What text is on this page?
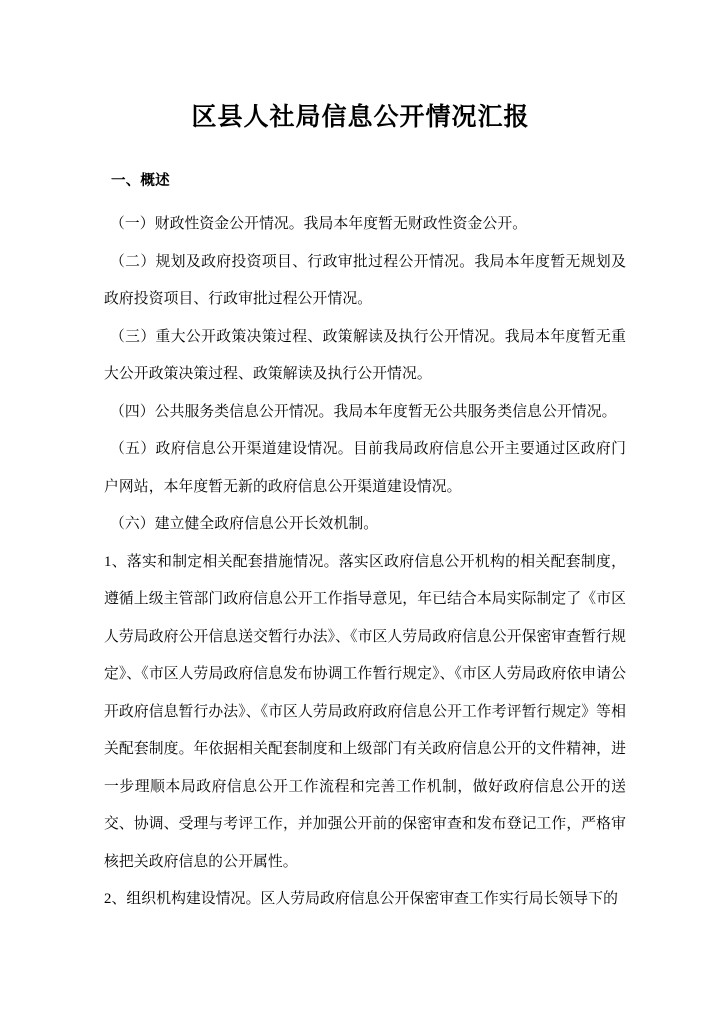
区县人社局信息公开情况汇报
一、概述

（一）财政性资金公开情况。我局本年度暂无财政性资金公开。

（二）规划及政府投资项目、行政审批过程公开情况。我局本年度暂无规划及政府投资项目、行政审批过程公开情况。

（三）重大公开政策决策过程、政策解读及执行公开情况。我局本年度暂无重大公开政策决策过程、政策解读及执行公开情况。

（四）公共服务类信息公开情况。我局本年度暂无公共服务类信息公开情况。

（五）政府信息公开渠道建设情况。目前我局政府信息公开主要通过区政府门户网站，本年度暂无新的政府信息公开渠道建设情况。

（六）建立健全政府信息公开长效机制。

1、落实和制定相关配套措施情况。落实区政府信息公开机构的相关配套制度，遵循上级主管部门政府信息公开工作指导意见，年已结合本局实际制定了《市区人劳局政府公开信息送交暂行办法》、《市区人劳局政府信息公开保密审查暂行规定》、《市区人劳局政府信息发布协调工作暂行规定》、《市区人劳局政府依申请公开政府信息暂行办法》、《市区人劳局政府政府信息公开工作考评暂行规定》等相关配套制度。年依据相关配套制度和上级部门有关政府信息公开的文件精神，进一步理顺本局政府信息公开工作流程和完善工作机制，做好政府信息公开的送交、协调、受理与考评工作，并加强公开前的保密审查和发布登记工作，严格审核把关政府信息的公开属性。

2、组织机构建设情况。区人劳局政府信息公开保密审查工作实行局长领导下的
